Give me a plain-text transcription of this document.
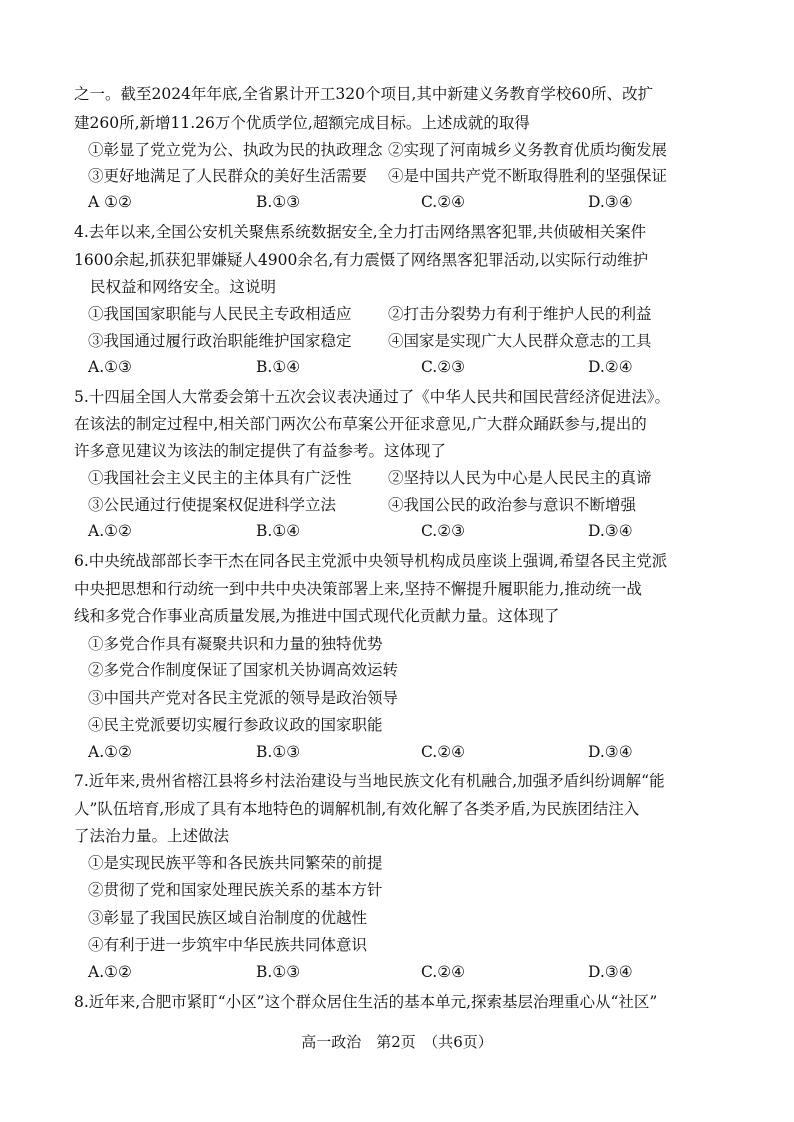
之一。截至2024年年底,全省累计开工320个项目,其中新建义务教育学校60所、改扩
建260所,新增11.26万个优质学位,超额完成目标。上述成就的取得
①彰显了党立党为公、执政为民的执政理念 ②实现了河南城乡义务教育优质均衡发展
③更好地满足了人民群众的美好生活需要 ④是中国共产党不断取得胜利的坚强保证
A ①②	B.①③	C.②④	D.③④
4.去年以来,全国公安机关聚焦系统数据安全,全力打击网络黑客犯罪,共侦破相关案件
1600余起,抓获犯罪嫌疑人4900余名,有力震慑了网络黑客犯罪活动,以实际行动维护
民权益和网络安全。这说明
①我国国家职能与人民民主专政相适应 ②打击分裂势力有利于维护人民的利益
③我国通过履行政治职能维护国家稳定 ④国家是实现广大人民群众意志的工具
A.①③	B.①④	C.②③	D.②④
5.十四届全国人大常委会第十五次会议表决通过了《中华人民共和国民营经济促进法》。
在该法的制定过程中,相关部门两次公布草案公开征求意见,广大群众踊跃参与,提出的
许多意见建议为该法的制定提供了有益参考。这体现了
①我国社会主义民主的主体具有广泛性 ②坚持以人民为中心是人民民主的真谛
③公民通过行使提案权促进科学立法	④我国公民的政治参与意识不断增强
A.①②	B.①④	C.②③	D.③④
6.中央统战部部长李干杰在同各民主党派中央领导机构成员座谈上强调,希望各民主党派
中央把思想和行动统一到中共中央决策部署上来,坚持不懈提升履职能力,推动统一战
线和多党合作事业高质量发展,为推进中国式现代化贡献力量。这体现了
①多党合作具有凝聚共识和力量的独特优势
②多党合作制度保证了国家机关协调高效运转
③中国共产党对各民主党派的领导是政治领导
④民主党派要切实履行参政议政的国家职能
A.①②	B.①③	C.②④	D.③④
7.近年来,贵州省榕江县将乡村法治建设与当地民族文化有机融合,加强矛盾纠纷调解“能
人”队伍培育,形成了具有本地特色的调解机制,有效化解了各类矛盾,为民族团结注入
了法治力量。上述做法
①是实现民族平等和各民族共同繁荣的前提
②贯彻了党和国家处理民族关系的基本方针
③彰显了我国民族区域自治制度的优越性
④有利于进一步筑牢中华民族共同体意识
A.①②	B.①③	C.②④	D.③④
8.近年来,合肥市紧盯“小区”这个群众居住生活的基本单元,探索基层治理重心从“社区”
高一政治　第2页　（共6页）
